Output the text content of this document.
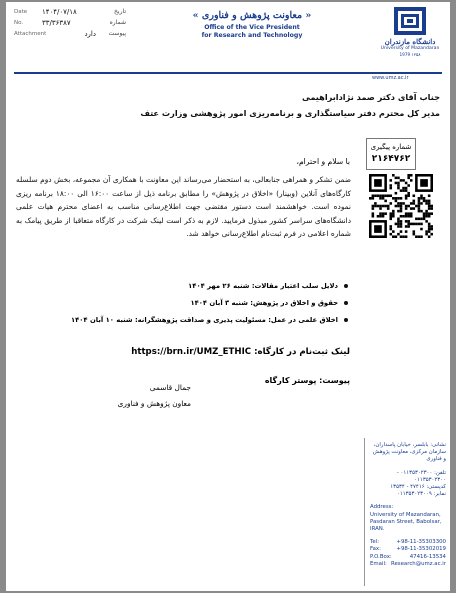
Date	۱۴۰۴/۰۷/۱۸	تاریخ
No.	۳۳/۳۶۳۸۷	شماره
Attachment	دارد	پیوست
« معاونت پژوهش و فناوری »
Office of the Vice President
for Research and Technology
دانشگاه مازندران
University of Mazandaran
1979 ۱۳۵۸
www.umz.ac.ir
جناب آقای دکتر صمد نژادابراهیمی
مدیر کل محترم دفتر سیاستگذاری و برنامه‌ریزی امور پژوهشی وزارت عتف
شماره پیگیری
۲۱۶۴۷۶۲
ضمن تشکر و همراهی جنابعالی، به استحضار می‌رساند این معاونت با همکاری آن مجموعه، بخش دوم سلسله کارگاه‌های آنلاین (وبینار) «اخلاق در پژوهش» را مطابق برنامه ذیل از ساعت ۱۶:۰۰ الی ۱۸:۰۰ برنامه ریزی نموده است. خواهشمند است دستور مقتضی جهت اطلاع‌رسانی مناسب به اعضای محترم هیات علمی دانشگاه‌های سراسر کشور مبذول فرمایید. لازم به ذکر است لینک شرکت در کارگاه متعاقبا از طریق پیامک به شماره اعلامی در فرم ثبت‌نام اطلاع‌رسانی خواهد شد.
با سلام و احترام،
دلایل سلب اعتبار مقالات: شنبه ۲۶ مهر ۱۴۰۴
حقوق و اخلاق در پژوهش: شنبه ۳ آبان ۱۴۰۴
اخلاق علمی در عمل: مسئولیت پذیری و صداقت پژوهشگرانه: شنبه ۱۰ آبان ۱۴۰۴
لینک ثبت‌نام در کارگاه: https://brn.ir/UMZ_ETHIC
پیوست: پوستر کارگاه
جمال قاسمی
معاون پژوهش و فناوری
نشانی: بابلسر، خیابان پاسداران، سازمان مرکزی، معاونت پژوهش و فناوری
تلفن: ۰۱۱۳۵۳۰۲۳۰۰ - ۰۱۱۳۵۳۰۲۳۰۰
کدپستی: ۴۷۴۱۶ - ۱۳۵۳۴
نمابر: ۰۱۱۳۵۳۰۲۳۰۰۹
Address:
University of Mazandaran,
Pasdaran Street, Babolsar,
IRAN.
Tel:	+98-11-35303300
Fax:	+98-11-35302019
P.O.Box:	47416-13534
Email: Research@umz.ac.ir
